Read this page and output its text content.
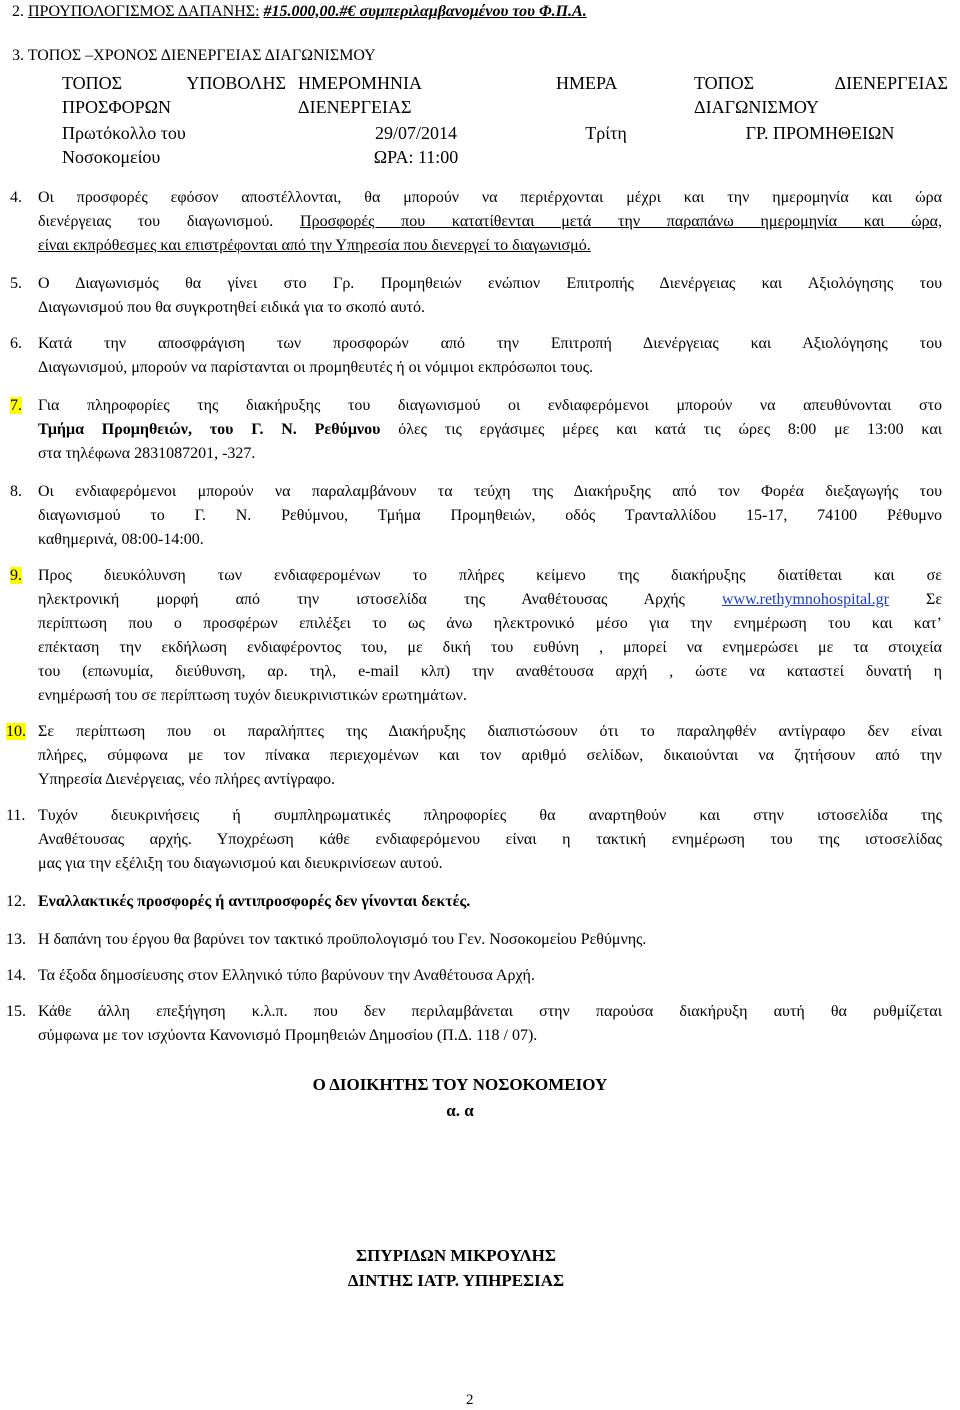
2. ΠΡΟΥΠΟΛΟΓΙΣΜΟΣ ΔΑΠΑΝΗΣ: #15.000,00.#€ συμπεριλαμβανομένου του Φ.Π.Α.
3. ΤΟΠΟΣ –ΧΡΟΝΟΣ ΔΙΕΝΕΡΓΕΙΑΣ ΔΙΑΓΩΝΙΣΜΟΥ
ΤΟΠΟΣ ΥΠΟΒΟΛΗΣ
ΠΡΟΣΦΟΡΩΝ
ΗΜΕΡΟΜΗΝΙΑ
ΔΙΕΝΕΡΓΕΙΑΣ
ΗΜΕΡΑ	ΤΟΠΟΣ ΔΙΕΝΕΡΓΕΙΑΣ
ΔΙΑΓΩΝΙΣΜΟΥ
Πρωτόκολλο του
Νοσοκομείου
29/07/2014
ΩΡΑ: 11:00
Τρίτη	ΓΡ. ΠΡΟΜΗΘΕΙΩΝ
4. Οι προσφορές εφόσον αποστέλλονται, θα μπορούν να περιέρχονται μέχρι και την ημερομηνία και ώρα
διενέργειας του διαγωνισμού. Προσφορές που κατατίθενται μετά την παραπάνω ημερομηνία και ώρα,
είναι εκπρόθεσμες και επιστρέφονται από την Υπηρεσία που διενεργεί το διαγωνισμό.
5. Ο Διαγωνισμός θα γίνει στο Γρ. Προμηθειών ενώπιον Επιτροπής Διενέργειας και Αξιολόγησης του
Διαγωνισμού που θα συγκροτηθεί ειδικά για το σκοπό αυτό.
6. Κατά την αποσφράγιση των προσφορών από την Επιτροπή Διενέργειας και Αξιολόγησης του
Διαγωνισμού, μπορούν να παρίστανται οι προμηθευτές ή οι νόμιμοι εκπρόσωποι τους.
7. Για πληροφορίες της διακήρυξης του διαγωνισμού οι ενδιαφερόμενοι μπορούν να απευθύνονται στο
Τμήμα Προμηθειών, του Γ. Ν. Ρεθύμνου όλες τις εργάσιμες μέρες και κατά τις ώρες 8:00 με 13:00 και
στα τηλέφωνα 2831087201, -327.
8. Οι ενδιαφερόμενοι μπορούν να παραλαμβάνουν τα τεύχη της Διακήρυξης από τον Φορέα διεξαγωγής του
διαγωνισμού το Γ. Ν. Ρεθύμνου, Τμήμα Προμηθειών, οδός Τρανταλλίδου 15-17, 74100 Ρέθυμνο
καθημερινά, 08:00-14:00.
9. Προς διευκόλυνση των ενδιαφερομένων το πλήρες κείμενο της διακήρυξης διατίθεται και σε
ηλεκτρονική μορφή από την ιστοσελίδα της Αναθέτουσας Αρχής www.rethymnohospital.gr Σε
περίπτωση που ο προσφέρων επιλέξει το ως άνω ηλεκτρονικό μέσο για την ενημέρωση του και κατ’
επέκταση την εκδήλωση ενδιαφέροντος του, με δική του ευθύνη , μπορεί να ενημερώσει με τα στοιχεία
του (επωνυμία, διεύθυνση, αρ. τηλ, e-mail κλπ) την αναθέτουσα αρχή , ώστε να καταστεί δυνατή η
ενημέρωσή του σε περίπτωση τυχόν διευκρινιστικών ερωτημάτων.
10. Σε περίπτωση που οι παραλήπτες της Διακήρυξης διαπιστώσουν ότι το παραληφθέν αντίγραφο δεν είναι
πλήρες, σύμφωνα με τον πίνακα περιεχομένων και τον αριθμό σελίδων, δικαιούνται να ζητήσουν από την
Υπηρεσία Διενέργειας, νέο πλήρες αντίγραφο.
11. Τυχόν διευκρινήσεις ή συμπληρωματικές πληροφορίες θα αναρτηθούν και στην ιστοσελίδα της
Αναθέτουσας αρχής. Υποχρέωση κάθε ενδιαφερόμενου είναι η τακτική ενημέρωση του της ιστοσελίδας
μας για την εξέλιξη του διαγωνισμού και διευκρινίσεων αυτού.
12. Εναλλακτικές προσφορές ή αντιπροσφορές δεν γίνονται δεκτές.
13. Η δαπάνη του έργου θα βαρύνει τον τακτικό προϋπολογισμό του Γεν. Νοσοκομείου Ρεθύμνης.
14. Τα έξοδα δημοσίευσης στον Ελληνικό τύπο βαρύνουν την Αναθέτουσα Αρχή.
15. Κάθε άλλη επεξήγηση κ.λ.π. που δεν περιλαμβάνεται στην παρούσα διακήρυξη αυτή θα ρυθμίζεται
σύμφωνα με τον ισχύοντα Κανονισμό Προμηθειών Δημοσίου (Π.Δ. 118 / 07).
Ο ΔΙΟΙΚΗΤΗΣ ΤΟΥ ΝΟΣΟΚΟΜΕΙΟΥ
α. α
ΣΠΥΡΙΔΩΝ ΜΙΚΡΟΥΛΗΣ
ΔΙΝΤΗΣ ΙΑΤΡ. ΥΠΗΡΕΣΙΑΣ
2
